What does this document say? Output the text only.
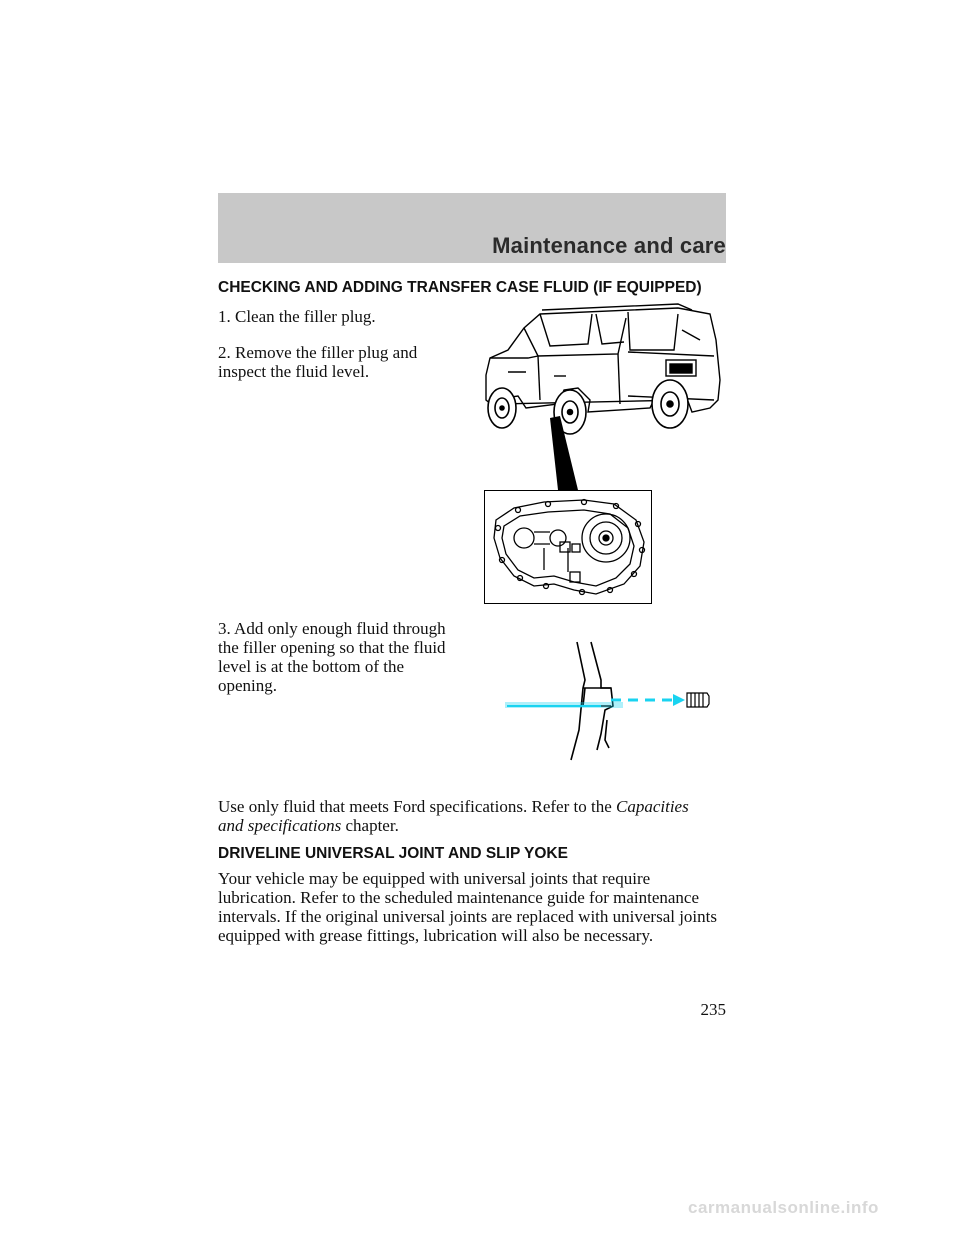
Maintenance and care
CHECKING AND ADDING TRANSFER CASE FLUID (IF EQUIPPED)
1. Clean the filler plug.
2. Remove the filler plug and
inspect the fluid level.
3. Add only enough fluid through
the filler opening so that the fluid
level is at the bottom of the
opening.
Use only fluid that meets Ford specifications. Refer to the Capacities
and specifications chapter.
DRIVELINE UNIVERSAL JOINT AND SLIP YOKE
Your vehicle may be equipped with universal joints that require
lubrication. Refer to the scheduled maintenance guide for maintenance
intervals. If the original universal joints are replaced with universal joints
equipped with grease fittings, lubrication will also be necessary.
235
carmanualsonline.info
